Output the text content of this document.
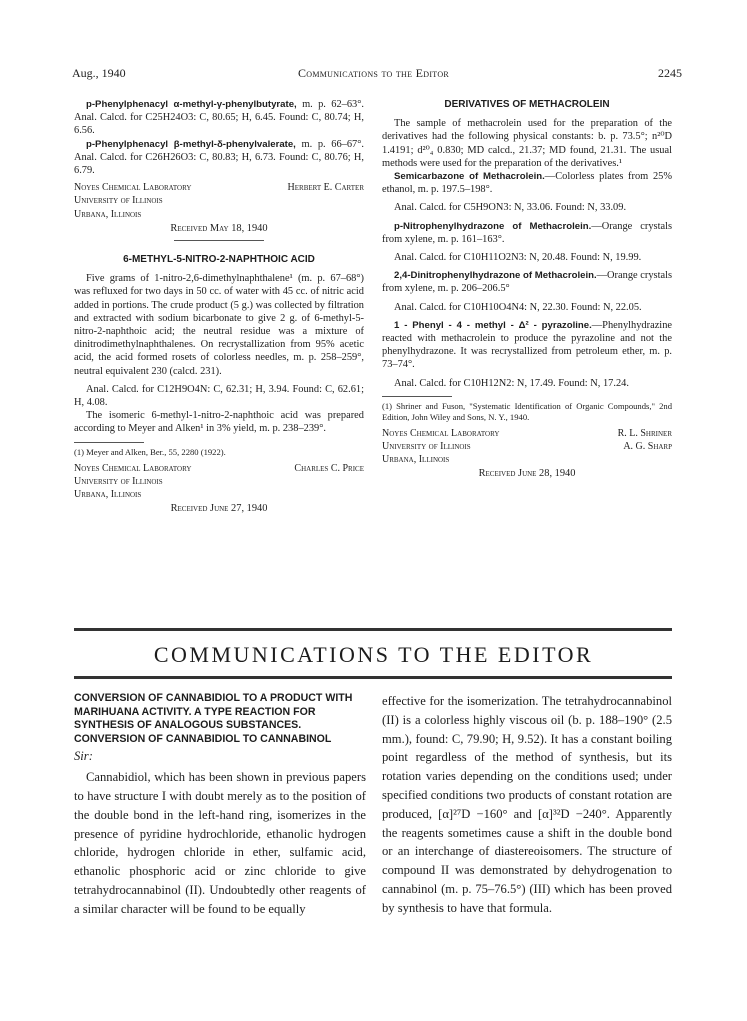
Aug., 1940	Communications to the Editor	2245

p-Phenylphenacyl α-methyl-γ-phenylbutyrate, m. p. 62–63°. Anal. Calcd. for C25H24O3: C, 80.65; H, 6.45. Found: C, 80.74; H, 6.56.

p-Phenylphenacyl β-methyl-δ-phenylvalerate, m. p. 66–67°. Anal. Calcd. for C26H26O3: C, 80.83; H, 6.73. Found: C, 80.76; H, 6.79.

Noyes Chemical Laboratory
University of Illinois
Urbana, Illinois
Herbert E. Carter
Received May 18, 1940

6-METHYL-5-NITRO-2-NAPHTHOIC ACID

Five grams of 1-nitro-2,6-dimethylnaphthalene¹ (m. p. 67–68°) was refluxed for two days in 50 cc. of water with 45 cc. of nitric acid added in portions. The crude product (5 g.) was collected by filtration and extracted with sodium bicarbonate to give 2 g. of 6-methyl-5-nitro-2-naphthoic acid; the neutral residue was a mixture of dinitrodimethylnaphthalenes. On recrystallization from 95% acetic acid, the acid formed rosets of colorless needles, m. p. 258–259°, neutral equivalent 230 (calcd. 231).

Anal. Calcd. for C12H9O4N: C, 62.31; H, 3.94. Found: C, 62.61; H, 4.08.

The isomeric 6-methyl-1-nitro-2-naphthoic acid was prepared according to Meyer and Alken¹ in 3% yield, m. p. 238–239°.

(1) Meyer and Alken, Ber., 55, 2280 (1922).

Noyes Chemical Laboratory
University of Illinois
Urbana, Illinois
Charles C. Price
Received June 27, 1940

DERIVATIVES OF METHACROLEIN

The sample of methacrolein used for the preparation of the derivatives had the following physical constants: b. p. 73.5°; n²⁰D 1.4191; d²⁰₄ 0.830; MD calcd., 21.37; MD found, 21.31. The usual methods were used for the preparation of the derivatives.¹

Semicarbazone of Methacrolein.—Colorless plates from 25% ethanol, m. p. 197.5–198°.

Anal. Calcd. for C5H9ON3: N, 33.06. Found: N, 33.09.

p-Nitrophenylhydrazone of Methacrolein.—Orange crystals from xylene, m. p. 161–163°.

Anal. Calcd. for C10H11O2N3: N, 20.48. Found: N, 19.99.

2,4-Dinitrophenylhydrazone of Methacrolein.—Orange crystals from xylene, m. p. 206–206.5°

Anal. Calcd. for C10H10O4N4: N, 22.30. Found: N, 22.05.

1 - Phenyl - 4 - methyl - Δ² - pyrazoline.—Phenylhydrazine reacted with methacrolein to produce the pyrazoline and not the phenylhydrazone. It was recrystallized from petroleum ether, m. p. 73–74°.

Anal. Calcd. for C10H12N2: N, 17.49. Found: N, 17.24.

(1) Shriner and Fuson, "Systematic Identification of Organic Compounds," 2nd Edition, John Wiley and Sons, N. Y., 1940.

Noyes Chemical Laboratory
University of Illinois
Urbana, Illinois
R. L. Shriner
A. G. Sharp
Received June 28, 1940
COMMUNICATIONS TO THE EDITOR
CONVERSION OF CANNABIDIOL TO A PRODUCT WITH MARIHUANA ACTIVITY. A TYPE REACTION FOR SYNTHESIS OF ANALOGOUS SUBSTANCES. CONVERSION OF CANNABIDIOL TO CANNABINOL

Sir:

Cannabidiol, which has been shown in previous papers to have structure I with doubt merely as to the position of the double bond in the left-hand ring, isomerizes in the presence of pyridine hydrochloride, ethanolic hydrogen chloride, hydrogen chloride in ether, sulfamic acid, ethanolic phosphoric acid or zinc chloride to give tetrahydrocannabinol (II). Undoubtedly other reagents of a similar character will be found to be equally

effective for the isomerization. The tetrahydrocannabinol (II) is a colorless highly viscous oil (b. p. 188–190° (2.5 mm.), found: C, 79.90; H, 9.52). It has a constant boiling point regardless of the method of synthesis, but its rotation varies depending on the conditions used; under specified conditions two products of constant rotation are produced, [α]²⁷D −160° and [α]³²D −240°. Apparently the reagents sometimes cause a shift in the double bond or an interchange of diastereoisomers. The structure of compound II was demonstrated by dehydrogenation to cannabinol (m. p. 75–76.5°) (III) which has been proved by synthesis to have that formula.
